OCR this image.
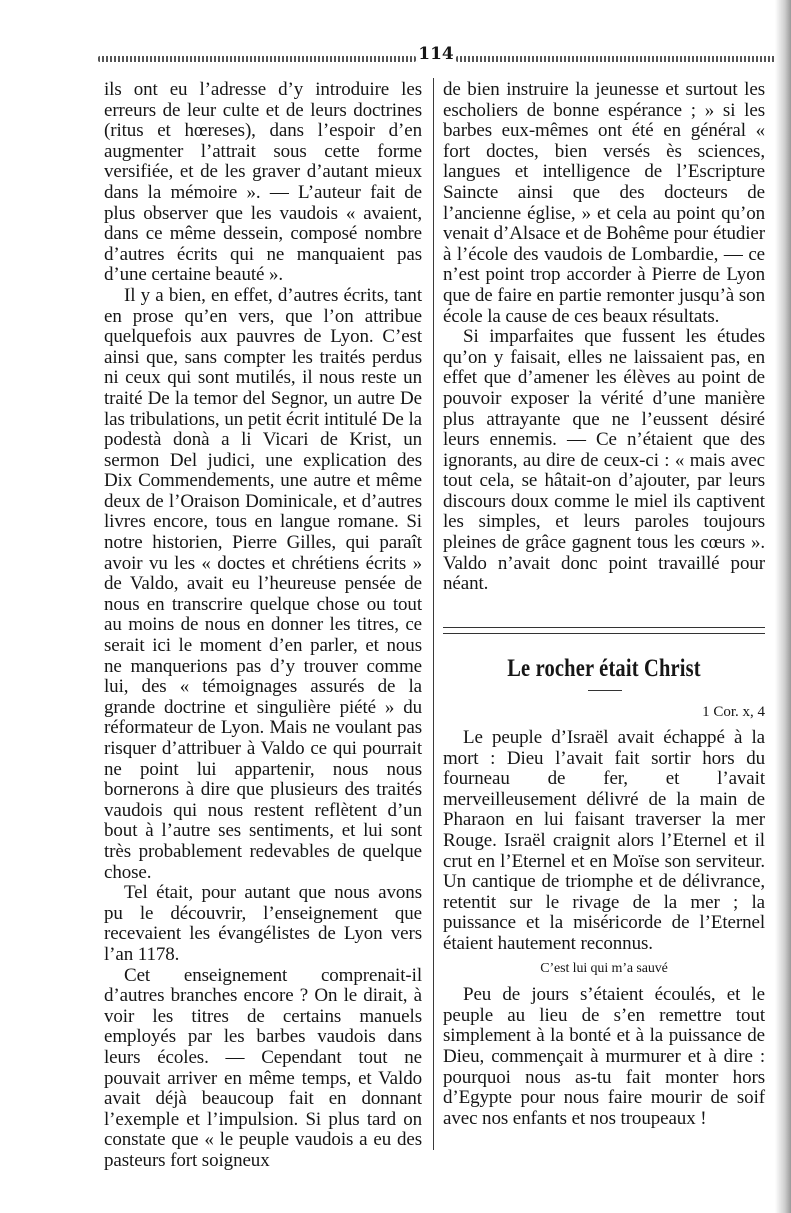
114

ils ont eu l’adresse d’y introduire les erreurs de leur culte et de leurs doctrines (ritus et hœreses), dans l’espoir d’en augmenter l’attrait sous cette forme versifiée, et de les graver d’autant mieux dans la mémoire ». — L’auteur fait de plus observer que les vaudois « avaient, dans ce même dessein, composé nombre d’autres écrits qui ne manquaient pas d’une certaine beauté ».

Il y a bien, en effet, d’autres écrits, tant en prose qu’en vers, que l’on attribue quelquefois aux pauvres de Lyon. C’est ainsi que, sans compter les traités perdus ni ceux qui sont mutilés, il nous reste un traité De la temor del Segnor, un autre De las tribulations, un petit écrit intitulé De la podestà donà a li Vicari de Krist, un sermon Del judici, une explication des Dix Commendements, une autre et même deux de l’Oraison Dominicale, et d’autres livres encore, tous en langue romane. Si notre historien, Pierre Gilles, qui paraît avoir vu les « doctes et chrétiens écrits » de Valdo, avait eu l’heureuse pensée de nous en transcrire quelque chose ou tout au moins de nous en donner les titres, ce serait ici le moment d’en parler, et nous ne manquerions pas d’y trouver comme lui, des « témoignages assurés de la grande doctrine et singulière piété » du réformateur de Lyon. Mais ne voulant pas risquer d’attribuer à Valdo ce qui pourrait ne point lui appartenir, nous nous bornerons à dire que plusieurs des traités vaudois qui nous restent reflètent d’un bout à l’autre ses sentiments, et lui sont très probablement redevables de quelque chose.

Tel était, pour autant que nous avons pu le découvrir, l’enseignement que recevaient les évangélistes de Lyon vers l’an 1178.

Cet enseignement comprenait-il d’autres branches encore ? On le dirait, à voir les titres de certains manuels employés par les barbes vaudois dans leurs écoles. — Cependant tout ne pouvait arriver en même temps, et Valdo avait déjà beaucoup fait en donnant l’exemple et l’impulsion. Si plus tard on constate que « le peuple vaudois a eu des pasteurs fort soigneux

de bien instruire la jeunesse et surtout les escholiers de bonne espérance ; » si les barbes eux-mêmes ont été en général « fort doctes, bien versés ès sciences, langues et intelligence de l’Escripture Saincte ainsi que des docteurs de l’ancienne église, » et cela au point qu’on venait d’Alsace et de Bohême pour étudier à l’école des vaudois de Lombardie, — ce n’est point trop accorder à Pierre de Lyon que de faire en partie remonter jusqu’à son école la cause de ces beaux résultats.

Si imparfaites que fussent les études qu’on y faisait, elles ne laissaient pas, en effet que d’amener les élèves au point de pouvoir exposer la vérité d’une manière plus attrayante que ne l’eussent désiré leurs ennemis. — Ce n’étaient que des ignorants, au dire de ceux-ci : « mais avec tout cela, se hâtait-on d’ajouter, par leurs discours doux comme le miel ils captivent les simples, et leurs paroles toujours pleines de grâce gagnent tous les cœurs ». Valdo n’avait donc point travaillé pour néant.

Le rocher était Christ
1 Cor. x, 4

Le peuple d’Israël avait échappé à la mort : Dieu l’avait fait sortir hors du fourneau de fer, et l’avait merveilleusement délivré de la main de Pharaon en lui faisant traverser la mer Rouge. Israël craignit alors l’Eternel et il crut en l’Eternel et en Moïse son serviteur. Un cantique de triomphe et de délivrance, retentit sur le rivage de la mer ; la puissance et la miséricorde de l’Eternel étaient hautement reconnus.

C’est lui qui m’a sauvé

Peu de jours s’étaient écoulés, et le peuple au lieu de s’en remettre tout simplement à la bonté et à la puissance de Dieu, commençait à murmurer et à dire : pourquoi nous as-tu fait monter hors d’Egypte pour nous faire mourir de soif avec nos enfants et nos troupeaux !
